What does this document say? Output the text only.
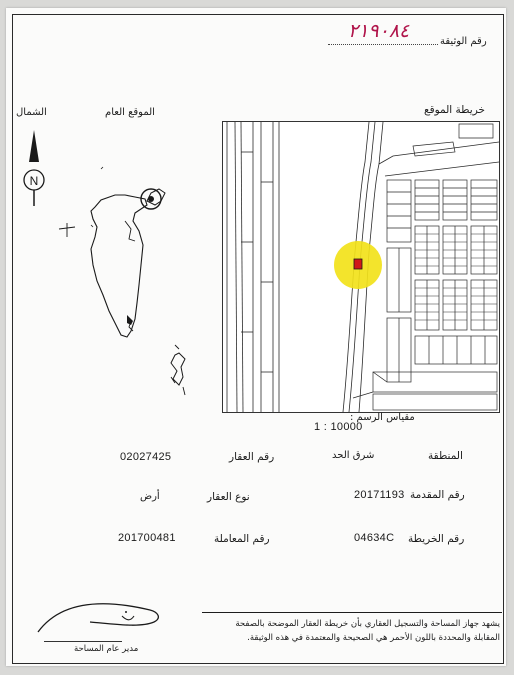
رقم الوثيقة
٢١٩٠٨٤
الشمال	الموقع العام
N
خريطة الموقع
مقياس الرسم :
1 : 10000
المنطقة
شرق الحد
رقم العقار
02027425
رقم المقدمة
20171193
نوع العقار
أرض
رقم الخريطة
04634C
رقم المعاملة
201700481
يشهد جهاز المساحة والتسجيل العقاري بأن خريطة العقار الموضحة بالصفحة
المقابلة والمحددة باللون الأحمر هي الصحيحة والمعتمدة في هذه الوثيقة.
مدير عام المساحة
